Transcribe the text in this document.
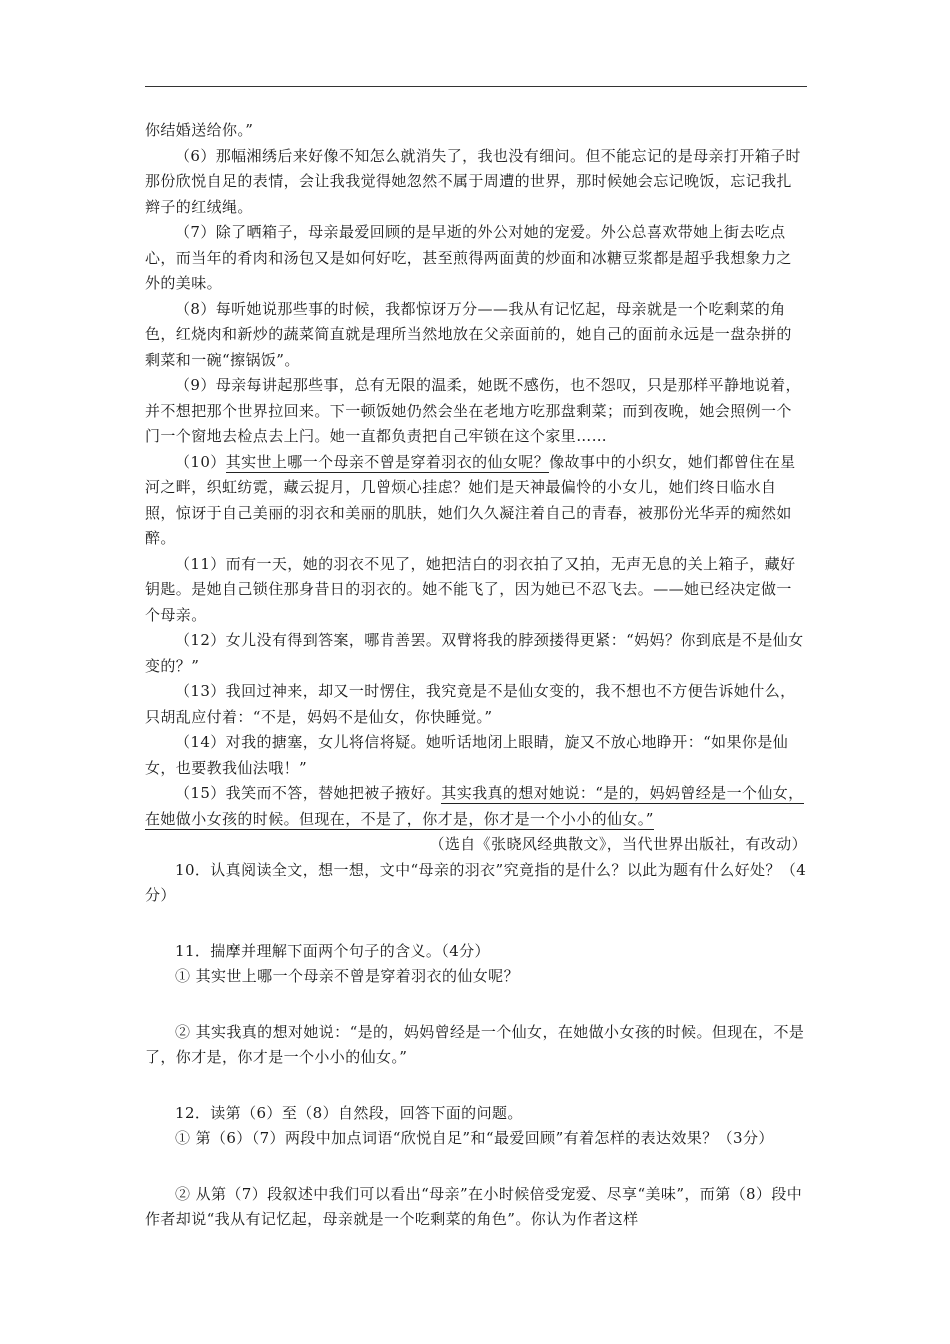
你结婚送给你。”

（6）那幅湘绣后来好像不知怎么就消失了，我也没有细问。但不能忘记的是母亲打开箱子时那份欣悦自足的表情，会让我我觉得她忽然不属于周遭的世界，那时候她会忘记晚饭，忘记我扎辫子的红绒绳。

（7）除了晒箱子，母亲最爱回顾的是早逝的外公对她的宠爱。外公总喜欢带她上街去吃点心，而当年的肴肉和汤包又是如何好吃，甚至煎得两面黄的炒面和冰糖豆浆都是超乎我想象力之外的美味。

（8）每听她说那些事的时候，我都惊讶万分——我从有记忆起，母亲就是一个吃剩菜的角色，红烧肉和新炒的蔬菜简直就是理所当然地放在父亲面前的，她自己的面前永远是一盘杂拼的剩菜和一碗“擦锅饭”。

（9）母亲每讲起那些事，总有无限的温柔，她既不感伤，也不怨叹，只是那样平静地说着，并不想把那个世界拉回来。下一顿饭她仍然会坐在老地方吃那盘剩菜；而到夜晚，她会照例一个门一个窗地去检点去上闩。她一直都负责把自己牢锁在这个家里……

（10）其实世上哪一个母亲不曾是穿着羽衣的仙女呢？像故事中的小织女，她们都曾住在星河之畔，织虹纺霓，藏云捉月，几曾烦心挂虑？她们是天神最偏怜的小女儿，她们终日临水自照，惊讶于自己美丽的羽衣和美丽的肌肤，她们久久凝注着自己的青春，被那份光华弄的痴然如醉。

（11）而有一天，她的羽衣不见了，她把洁白的羽衣拍了又拍，无声无息的关上箱子，藏好钥匙。是她自己锁住那身昔日的羽衣的。她不能飞了，因为她已不忍飞去。——她已经决定做一个母亲。

（12）女儿没有得到答案，哪肯善罢。双臂将我的脖颈搂得更紧：“妈妈？你到底是不是仙女变的？”

（13）我回过神来，却又一时愣住，我究竟是不是仙女变的，我不想也不方便告诉她什么，只胡乱应付着：“不是，妈妈不是仙女，你快睡觉。”

（14）对我的搪塞，女儿将信将疑。她听话地闭上眼睛，旋又不放心地睁开：“如果你是仙女，也要教我仙法哦！”

（15）我笑而不答，替她把被子掖好。其实我真的想对她说：“是的，妈妈曾经是一个仙女，在她做小女孩的时候。但现在，不是了，你才是，你才是一个小小的仙女。”

（选自《张晓风经典散文》，当代世界出版社，有改动）

10．认真阅读全文，想一想，文中“母亲的羽衣”究竟指的是什么？以此为题有什么好处？（4分）

11．揣摩并理解下面两个句子的含义。（4分）

① 其实世上哪一个母亲不曾是穿着羽衣的仙女呢？

② 其实我真的想对她说：“是的，妈妈曾经是一个仙女，在她做小女孩的时候。但现在，不是了，你才是，你才是一个小小的仙女。”

12．读第（6）至（8）自然段，回答下面的问题。

① 第（6）（7）两段中加点词语“欣悦自足”和“最爱回顾”有着怎样的表达效果？（3分）

② 从第（7）段叙述中我们可以看出“母亲”在小时候倍受宠爱、尽享“美味”，而第（8）段中作者却说“我从有记忆起，母亲就是一个吃剩菜的角色”。你认为作者这样
